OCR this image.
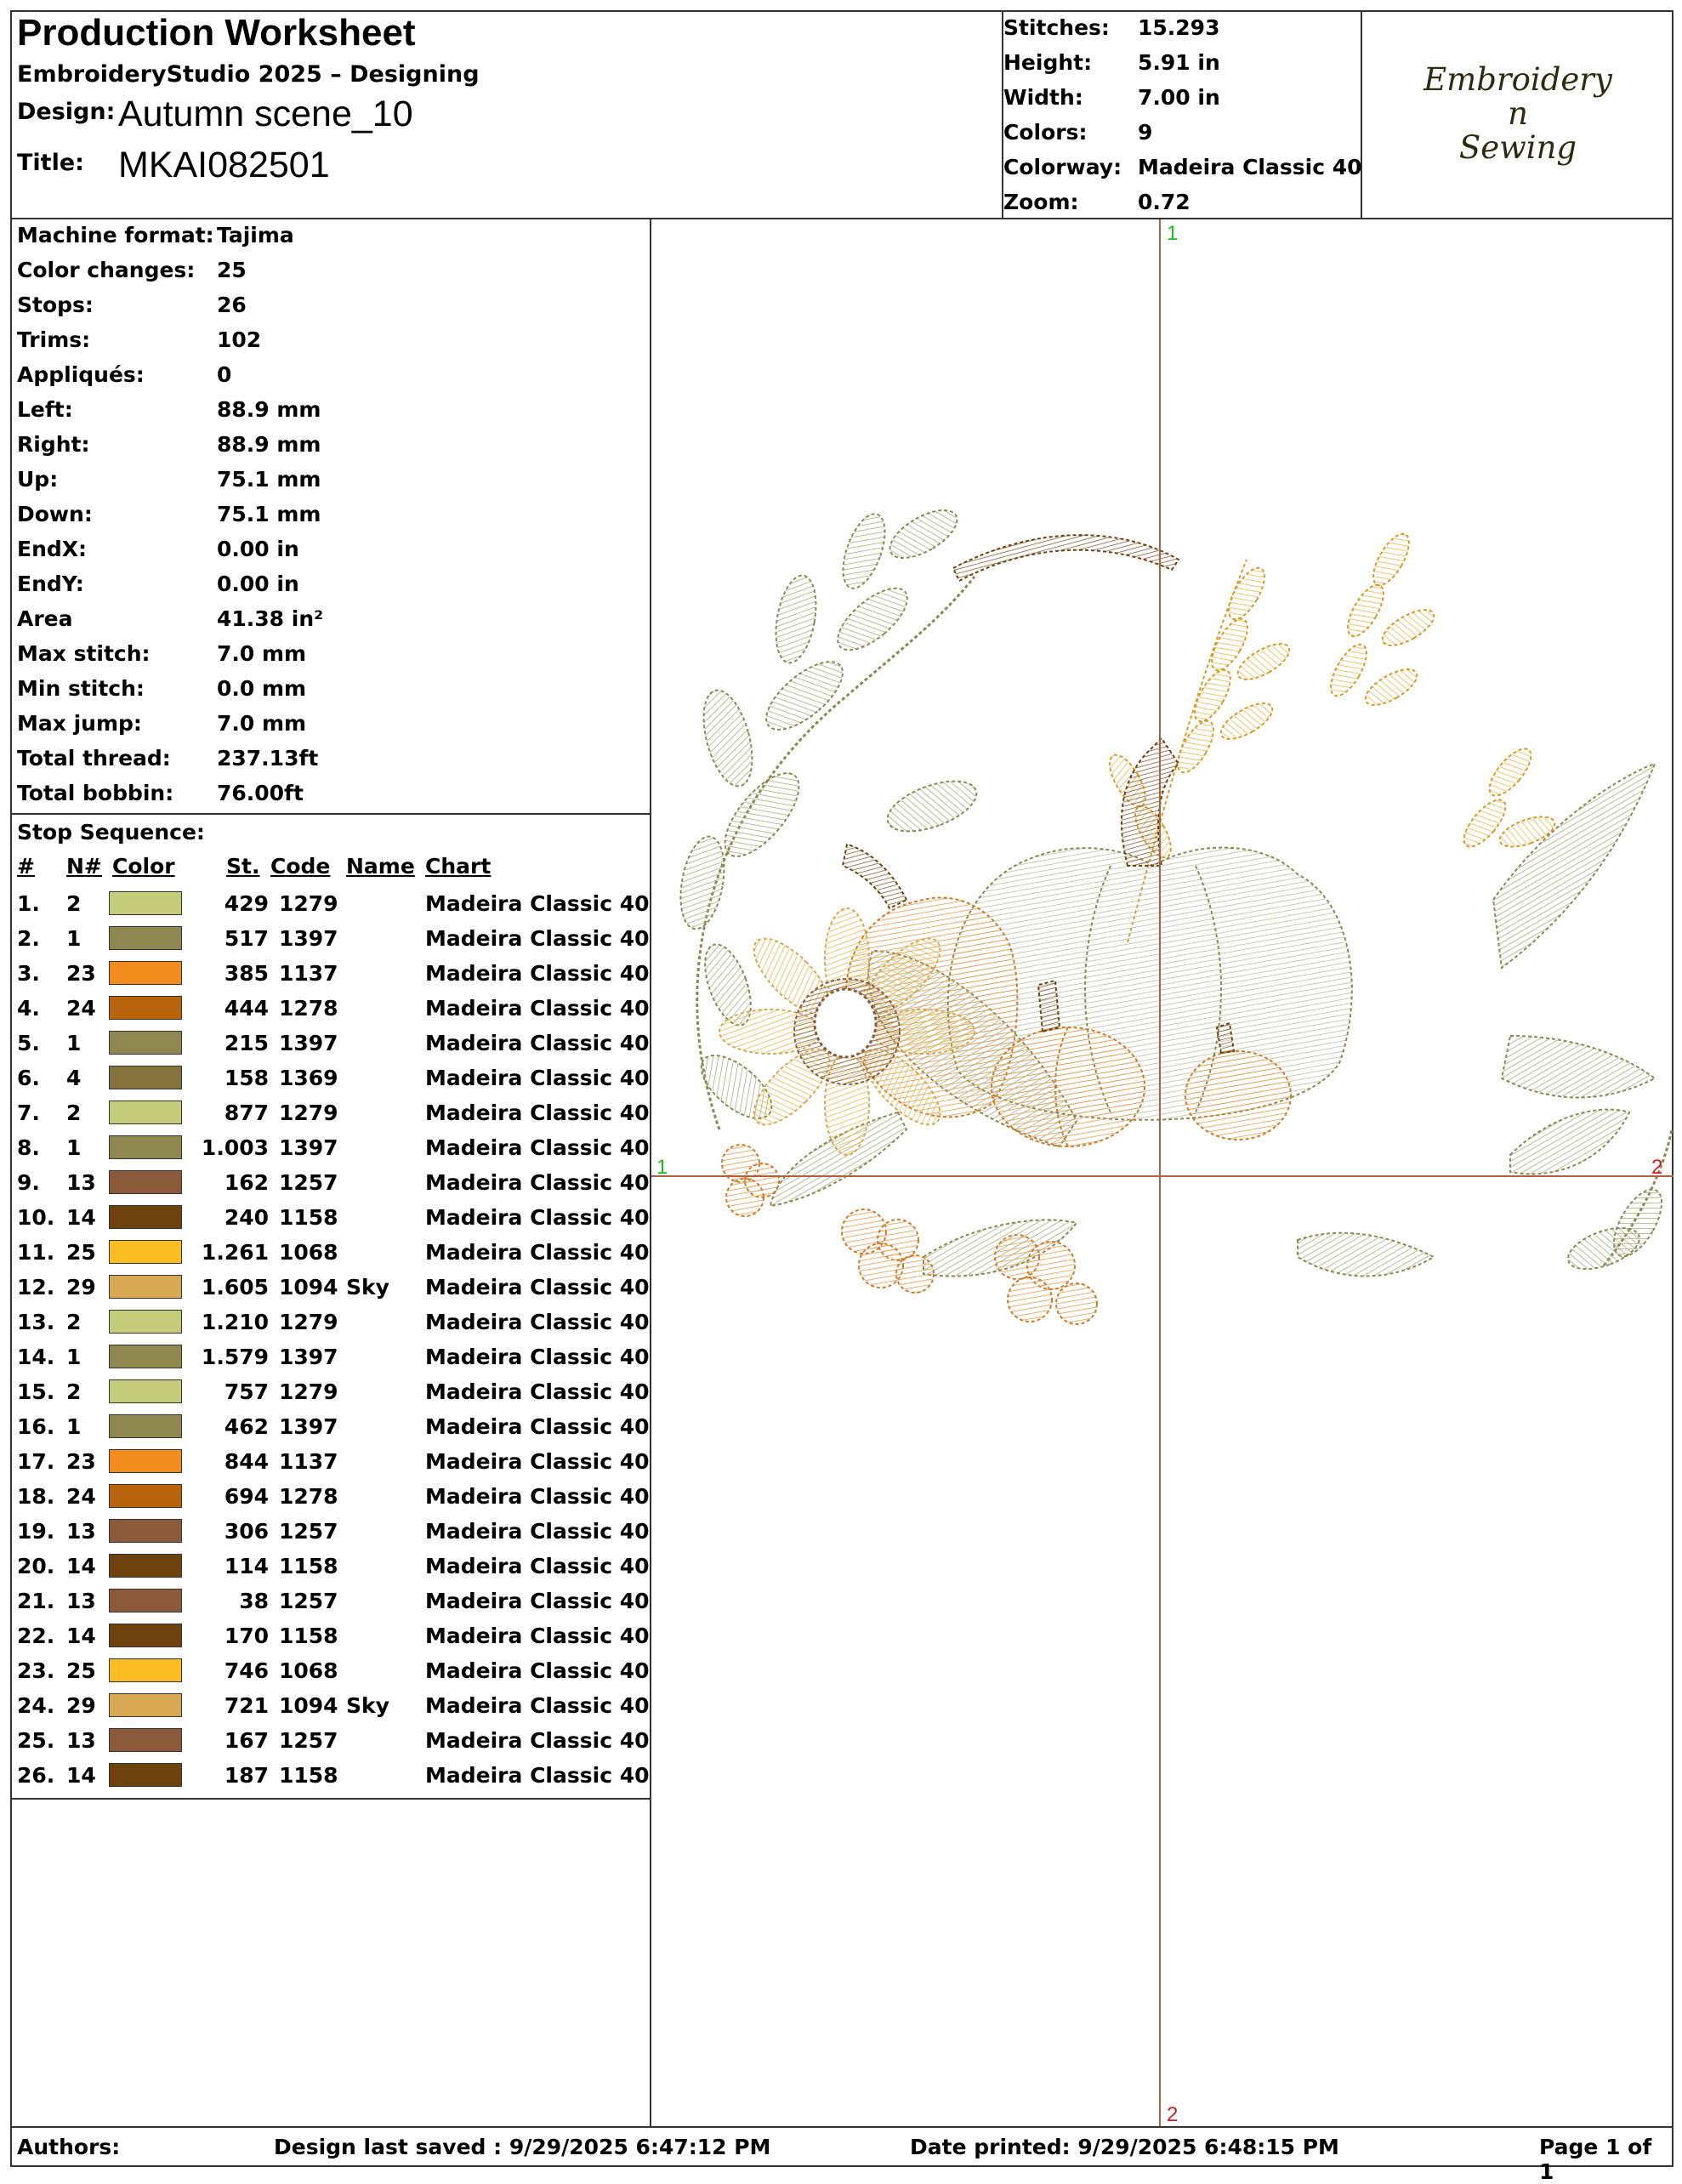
Production Worksheet
EmbroideryStudio 2025 – Designing
Design: Autumn scene_10
Title: MKAI082501
Stitches: 15.293
Height: 5.91 in
Width:	7.00 in
Colors: 9
Colorway: Madeira Classic 40
Zoom:	0.72
Embroidery
n
Sewing
Machine format: Tajima
Color changes: 25
Stops:	26
Trims:	102
Appliqués:	0
Left:	88.9 mm
Right:	88.9 mm
Up:	75.1 mm
Down:	75.1 mm
EndX:	0.00 in
EndY:	0.00 in
Area	41.38 in²
Max stitch:	7.0 mm
Min stitch:	0.0 mm
Max jump:	7.0 mm
Total thread: 237.13ft
Total bobbin: 76.00ft
Stop Sequence:
# N# Color St. Code Name Chart
1. 2	429 1279	Madeira Classic 40
2. 1	517 1397	Madeira Classic 40
3. 23	385 1137	Madeira Classic 40
4. 24	444 1278	Madeira Classic 40
5. 1	215 1397	Madeira Classic 40
6. 4	158 1369	Madeira Classic 40
7. 2	877 1279	Madeira Classic 40
8. 1	1.003 1397	Madeira Classic 40
9. 13	162 1257	Madeira Classic 40
10. 14	240 1158	Madeira Classic 40
11. 25	1.261 1068	Madeira Classic 40
12. 29	1.605 1094 Sky Madeira Classic 40
13. 2	1.210 1279	Madeira Classic 40
14. 1	1.579 1397	Madeira Classic 40
15. 2	757 1279	Madeira Classic 40
16. 1	462 1397	Madeira Classic 40
17. 23	844 1137	Madeira Classic 40
18. 24	694 1278	Madeira Classic 40
19. 13	306 1257	Madeira Classic 40
20. 14	114 1158	Madeira Classic 40
21. 13	38 1257	Madeira Classic 40
22. 14	170 1158	Madeira Classic 40
23. 25	746 1068	Madeira Classic 40
24. 29	721 1094 Sky Madeira Classic 40
25. 13	167 1257	Madeira Classic 40
26. 14	187 1158	Madeira Classic 40
1
2
1	2
Authors:	Design last saved : 9/29/2025 6:47:12 PM	Date printed: 9/29/2025 6:48:15 PM	Page 1 of 1
